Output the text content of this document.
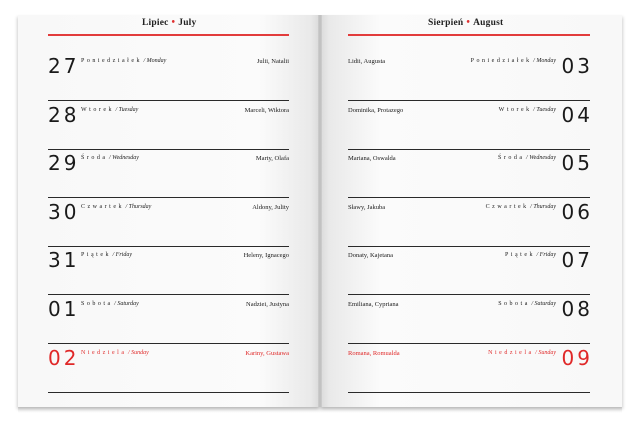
Lipiec • July	Sierpień • August
27 Poniedziałek / Monday	Julii, Natalii
28 Wtorek / Tuesday	Marceli, Wiktora
29 Środa / Wednesday	Marty, Olafa
30 Czwartek / Thursday	Aldony, Julity
31 Piątek / Friday	Heleny, Ignacego
01 Sobota / Saturday	Nadziei, Justyna
02 Niedziela / Sunday	Kariny, Gustawa
Lidii, Augusta	Poniedziałek / Monday 03
Dominika, Protazego	Wtorek / Tuesday 04
Mariana, Oswalda	Środa / Wednesday 05
Sławy, Jakuba	Czwartek / Thursday 06
Donaty, Kajetana	Piątek / Friday 07
Emiliana, Cypriana	Sobota / Saturday 08
Romana, Romualda	Niedziela / Sunday 09
